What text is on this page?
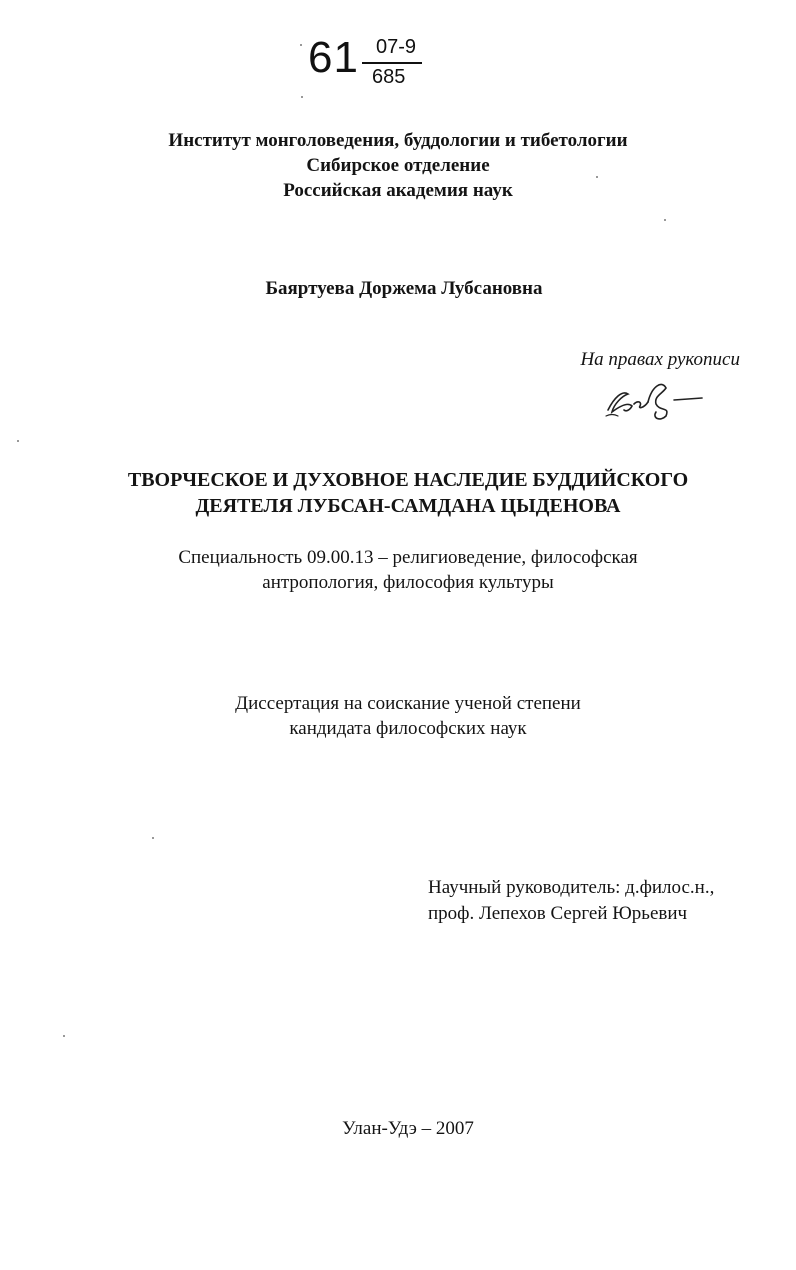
61 07-9
685
Институт монголоведения, буддологии и тибетологии
Сибирское отделение
Российская академия наук
Баяртуева Доржема Лубсановна
На правах рукописи
ТВОРЧЕСКОЕ И ДУХОВНОЕ НАСЛЕДИЕ БУДДИЙСКОГО
ДЕЯТЕЛЯ ЛУБСАН-САМДАНА ЦЫДЕНОВА
Специальность 09.00.13 – религиоведение, философская
антропология, философия культуры
Диссертация на соискание ученой степени
кандидата философских наук
Научный руководитель: д.филос.н.,
проф. Лепехов Сергей Юрьевич
Улан-Удэ – 2007
